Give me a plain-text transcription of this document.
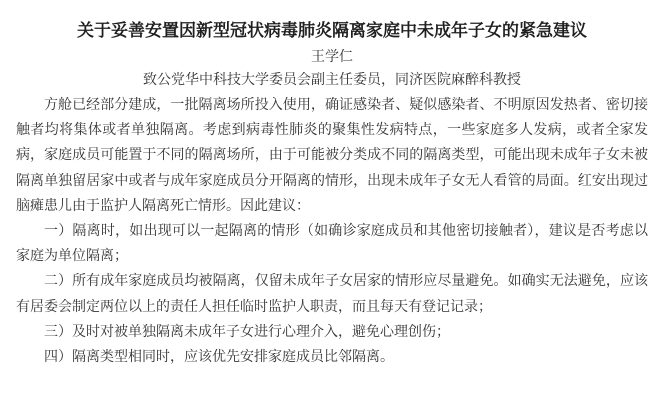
关于妥善安置因新型冠状病毒肺炎隔离家庭中未成年子女的紧急建议
王学仁
致公党华中科技大学委员会副主任委员，同济医院麻醉科教授

方舱已经部分建成，一批隔离场所投入使用，确证感染者、疑似感染者、不明原因发热者、密切接触者均将集体或者单独隔离。考虑到病毒性肺炎的聚集性发病特点，一些家庭多人发病，或者全家发病，家庭成员可能置于不同的隔离场所，由于可能被分类成不同的隔离类型，可能出现未成年子女未被隔离单独留居家中或者与成年家庭成员分开隔离的情形，出现未成年子女无人看管的局面。红安出现过脑瘫患儿由于监护人隔离死亡情形。因此建议：

一）隔离时，如出现可以一起隔离的情形（如确诊家庭成员和其他密切接触者），建议是否考虑以家庭为单位隔离；

二）所有成年家庭成员均被隔离，仅留未成年子女居家的情形应尽量避免。如确实无法避免，应该有居委会制定两位以上的责任人担任临时监护人职责，而且每天有登记记录；

三）及时对被单独隔离未成年子女进行心理介入，避免心理创伤；

四）隔离类型相同时，应该优先安排家庭成员比邻隔离。
